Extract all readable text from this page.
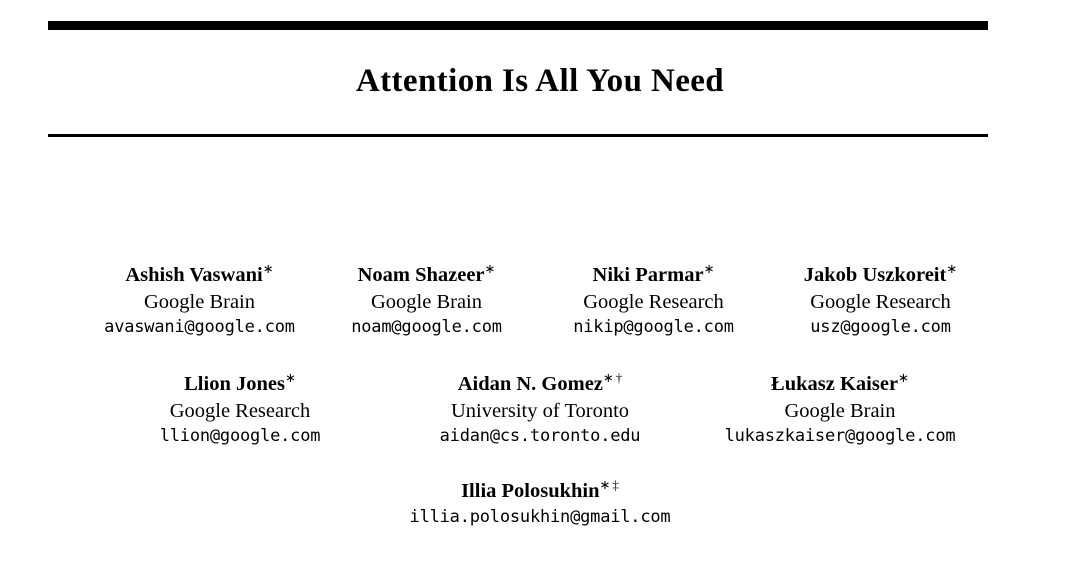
Attention Is All You Need
Ashish Vaswani∗
Google Brain
avaswani@google.com
Noam Shazeer∗
Google Brain
noam@google.com
Niki Parmar∗
Google Research
nikip@google.com
Jakob Uszkoreit∗
Google Research
usz@google.com
Llion Jones∗
Google Research
llion@google.com
Aidan N. Gomez∗ †
University of Toronto
aidan@cs.toronto.edu
Łukasz Kaiser∗
Google Brain
lukaszkaiser@google.com
Illia Polosukhin∗ ‡
illia.polosukhin@gmail.com
